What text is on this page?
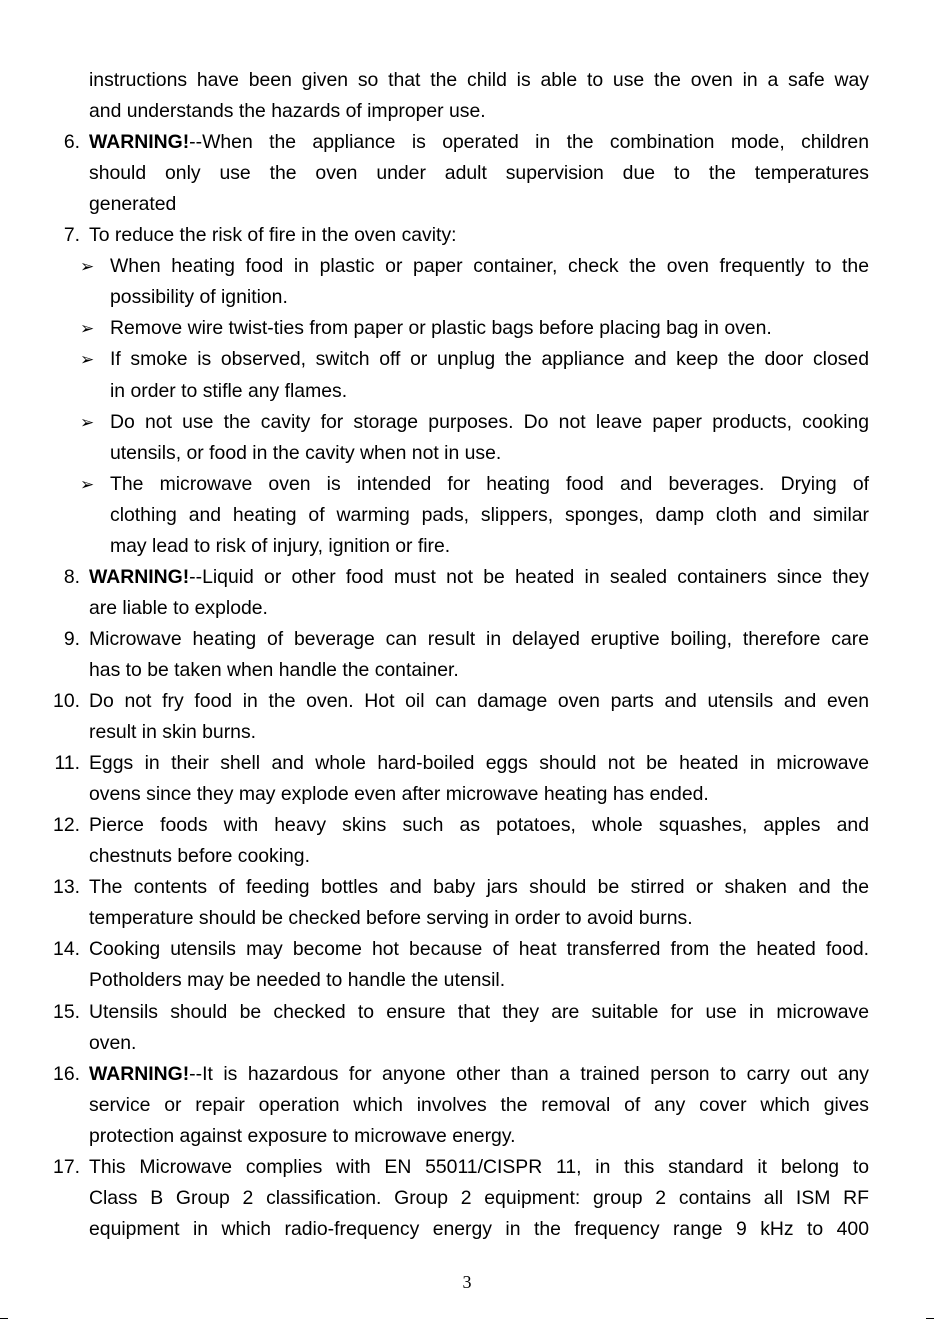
3
instructions have been given so that the child is able to use the oven in a safe way
and understands the hazards of improper use.
6. WARNING!--When the appliance is operated in the combination mode, children
should only use the oven under adult supervision due to the temperatures
generated
7. To reduce the risk of fire in the oven cavity:
➢ When heating food in plastic or paper container, check the oven frequently to the
possibility of ignition.
➢ Remove wire twist-ties from paper or plastic bags before placing bag in oven.
➢ If smoke is observed, switch off or unplug the appliance and keep the door closed
in order to stifle any flames.
➢ Do not use the cavity for storage purposes. Do not leave paper products, cooking
utensils, or food in the cavity when not in use.
➢ The microwave oven is intended for heating food and beverages. Drying of
clothing and heating of warming pads, slippers, sponges, damp cloth and similar
may lead to risk of injury, ignition or fire.
8. WARNING!--Liquid or other food must not be heated in sealed containers since they
are liable to explode.
9. Microwave heating of beverage can result in delayed eruptive boiling, therefore care
has to be taken when handle the container.
10. Do not fry food in the oven. Hot oil can damage oven parts and utensils and even
result in skin burns.
11. Eggs in their shell and whole hard-boiled eggs should not be heated in microwave
ovens since they may explode even after microwave heating has ended.
12. Pierce foods with heavy skins such as potatoes, whole squashes, apples and
chestnuts before cooking.
13. The contents of feeding bottles and baby jars should be stirred or shaken and the
temperature should be checked before serving in order to avoid burns.
14. Cooking utensils may become hot because of heat transferred from the heated food.
Potholders may be needed to handle the utensil.
15. Utensils should be checked to ensure that they are suitable for use in microwave
oven.
16. WARNING!--It is hazardous for anyone other than a trained person to carry out any
service or repair operation which involves the removal of any cover which gives
protection against exposure to microwave energy.
17. This Microwave complies with EN 55011/CISPR 11, in this standard it belong to
Class B Group 2 classification. Group 2 equipment: group 2 contains all ISM RF
equipment in which radio-frequency energy in the frequency range 9 kHz to 400
